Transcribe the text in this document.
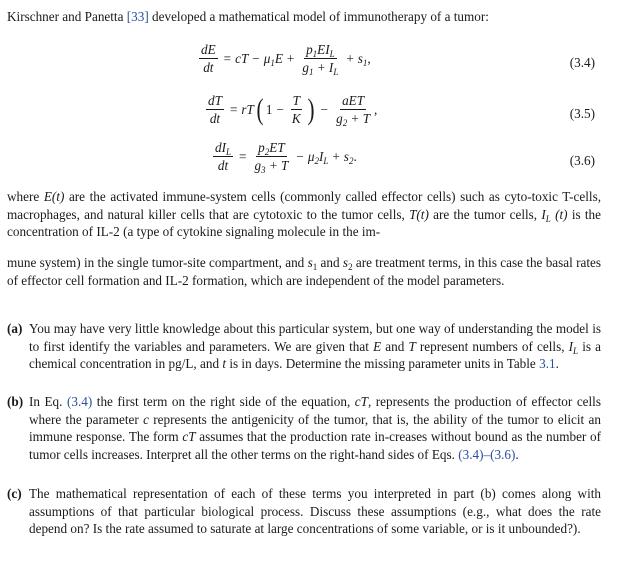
Kirschner and Panetta [33] developed a mathematical model of immunotherapy of a tumor:
$\frac{dE}{dt}$ = cT − $\mu_1E + \frac{p_1EI_L}{g_1 + I_L} + s_1$,	(3.4)
$\frac{dT}{dt}$ = rT ( $1 - \frac{T}{K}$ ) − $\frac{\text{aET}}{g_2 + T}$ ,	(3.5)
$\frac{dI_L}{dt} = \frac{p_2ET}{g_3 + T} - \mu_2I_L + s_2$.	(3.6)
where E(t) are the activated immune-system cells (commonly called effector cells) such as cyto-toxic T-cells, macrophages, and natural killer cells that are cytotoxic to the tumor cells, T(t) are the tumor cells, $I_L$ (t) is the concentration of IL-2 (a type of cytokine signaling molecule in the im-
mune system) in the single tumor-site compartment, and $s_1$ and $s_2$ are treatment terms, in this case the basal rates of effector cell formation and IL-2 formation, which are independent of the model parameters.
(a) You may have very little knowledge about this particular system, but one way of understanding the model is to first identify the variables and parameters. We are given that E and T represent numbers of cells, $I_L$ is a chemical concentration in pg/L, and t is in days. Determine the missing parameter units in Table 3.1.
(b) In Eq. (3.4) the first term on the right side of the equation, cT, represents the production of effector cells where the parameter c represents the antigenicity of the tumor, that is, the ability of the tumor to elicit an immune response. The form cT assumes that the production rate in-creases without bound as the number of tumor cells increases. Interpret all the other terms on the right-hand sides of Eqs. (3.4)–(3.6).
(c) The mathematical representation of each of these terms you interpreted in part (b) comes along with assumptions of that particular biological process. Discuss these assumptions (e.g., what does the rate depend on? Is the rate assumed to saturate at large concentrations of some variable, or is it unbounded?).
